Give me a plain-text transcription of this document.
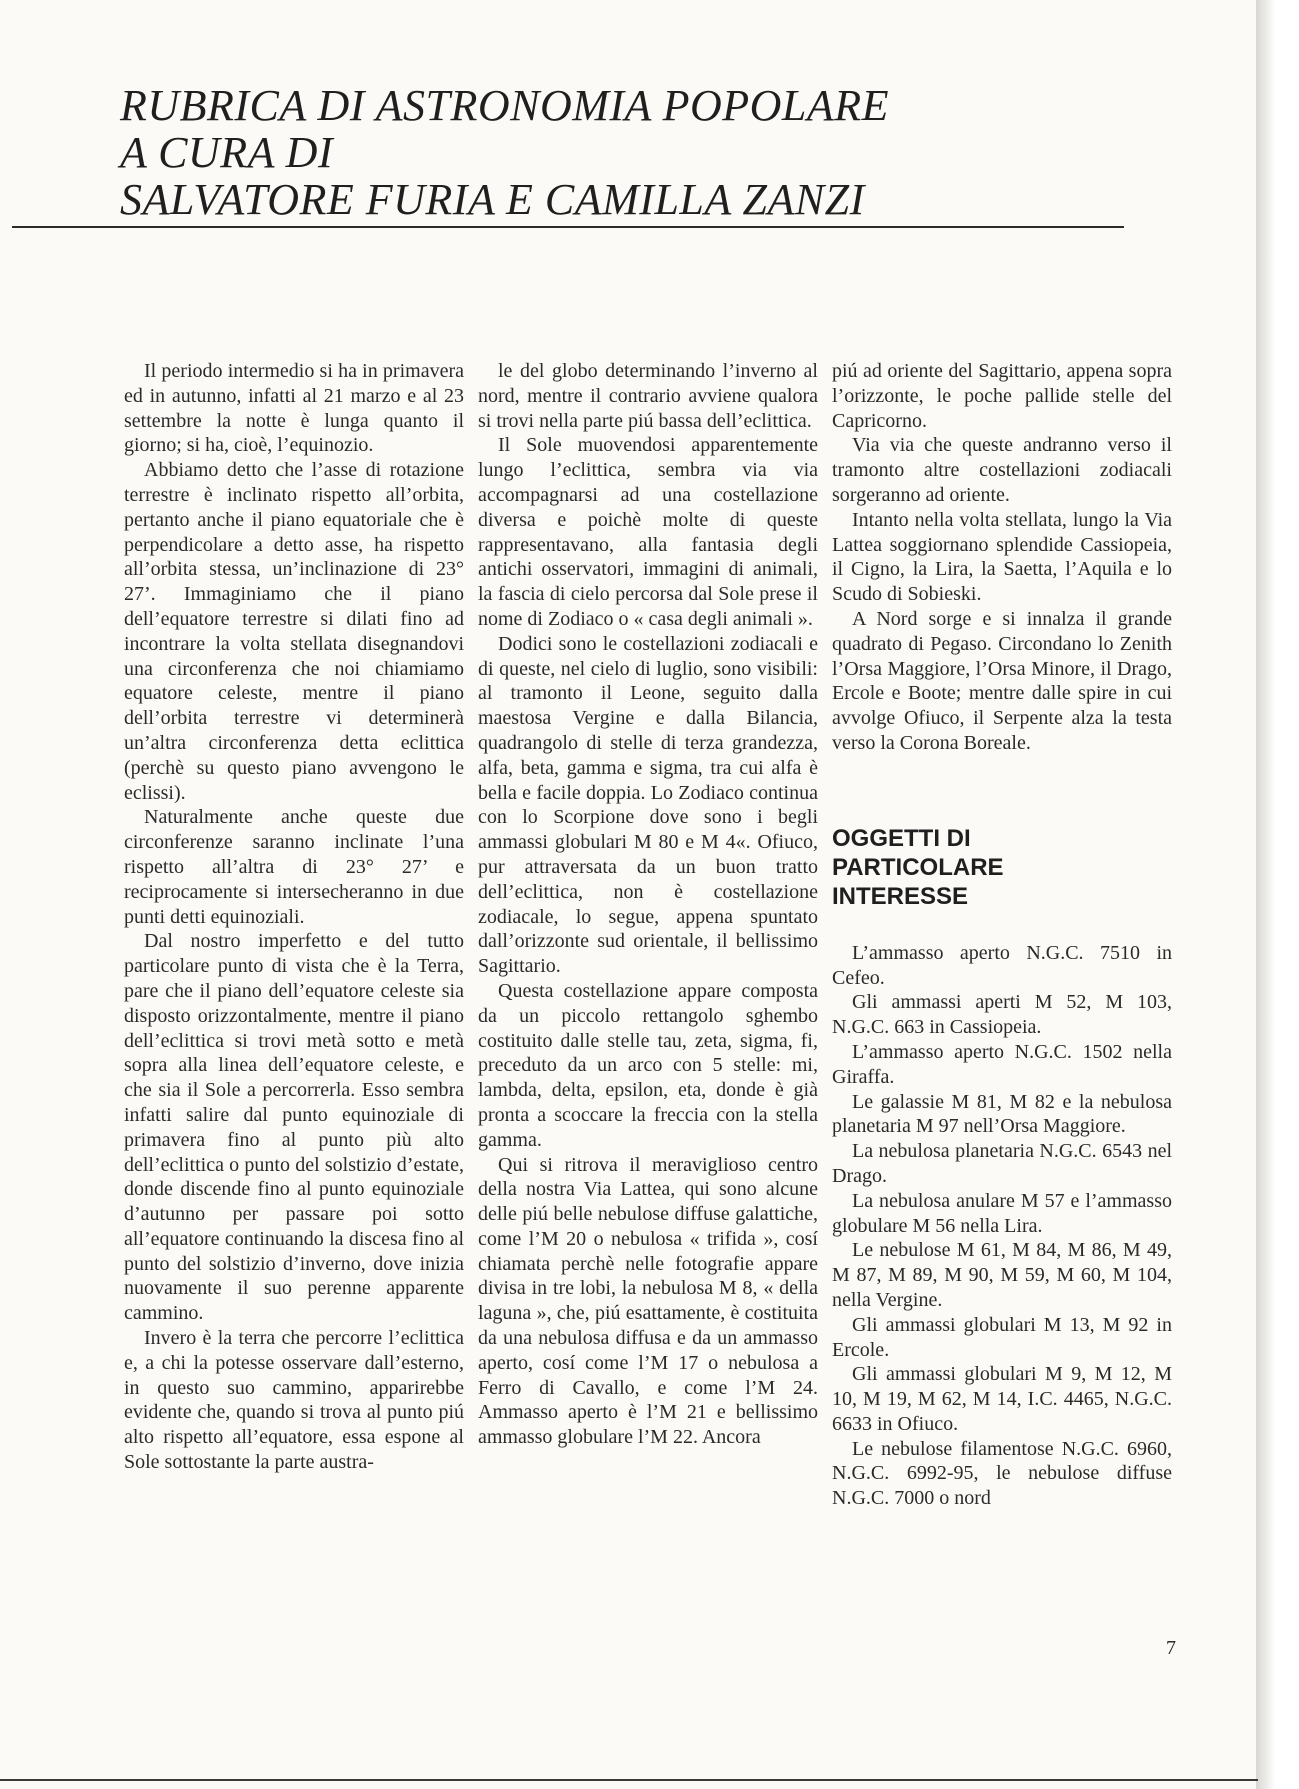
RUBRICA DI ASTRONOMIA POPOLARE
A CURA DI
SALVATORE FURIA E CAMILLA ZANZI

Il periodo intermedio si ha in primavera ed in autunno, infatti al 21 marzo e al 23 settembre la notte è lunga quanto il giorno; si ha, cioè, l’equinozio.

Abbiamo detto che l’asse di rotazione terrestre è inclinato rispetto all’orbita, pertanto anche il piano equatoriale che è perpendicolare a detto asse, ha rispetto all’orbita stessa, un’inclinazione di 23° 27’. Immaginiamo che il piano dell’equatore terrestre si dilati fino ad incontrare la volta stellata disegnandovi una circonferenza che noi chiamiamo equatore celeste, mentre il piano dell’orbita terrestre vi determinerà un’altra circonferenza detta eclittica (perchè su questo piano avvengono le eclissi).

Naturalmente anche queste due circonferenze saranno inclinate l’una rispetto all’altra di 23° 27’ e reciprocamente si intersecheranno in due punti detti equinoziali.

Dal nostro imperfetto e del tutto particolare punto di vista che è la Terra, pare che il piano dell’equatore celeste sia disposto orizzontalmente, mentre il piano dell’eclittica si trovi metà sotto e metà sopra alla linea dell’equatore celeste, e che sia il Sole a percorrerla. Esso sembra infatti salire dal punto equinoziale di primavera fino al punto più alto dell’eclittica o punto del solstizio d’estate, donde discende fino al punto equinoziale d’autunno per passare poi sotto all’equatore continuando la discesa fino al punto del solstizio d’inverno, dove inizia nuovamente il suo perenne apparente cammino.

Invero è la terra che percorre l’eclittica e, a chi la potesse osservare dall’esterno, in questo suo cammino, apparirebbe evidente che, quando si trova al punto piú alto rispetto all’equatore, essa espone al Sole sottostante la parte austra-

le del globo determinando l’inverno al nord, mentre il contrario avviene qualora si trovi nella parte piú bassa dell’eclittica.

Il Sole muovendosi apparentemente lungo l’eclittica, sembra via via accompagnarsi ad una costellazione diversa e poichè molte di queste rappresentavano, alla fantasia degli antichi osservatori, immagini di animali, la fascia di cielo percorsa dal Sole prese il nome di Zodiaco o « casa degli animali ».

Dodici sono le costellazioni zodiacali e di queste, nel cielo di luglio, sono visibili: al tramonto il Leone, seguito dalla maestosa Vergine e dalla Bilancia, quadrangolo di stelle di terza grandezza, alfa, beta, gamma e sigma, tra cui alfa è bella e facile doppia. Lo Zodiaco continua con lo Scorpione dove sono i begli ammassi globulari M 80 e M 4«. Ofiuco, pur attraversata da un buon tratto dell’eclittica, non è costellazione zodiacale, lo segue, appena spuntato dall’orizzonte sud orientale, il bellissimo Sagittario.

Questa costellazione appare composta da un piccolo rettangolo sghembo costituito dalle stelle tau, zeta, sigma, fi, preceduto da un arco con 5 stelle: mi, lambda, delta, epsilon, eta, donde è già pronta a scoccare la freccia con la stella gamma.

Qui si ritrova il meraviglioso centro della nostra Via Lattea, qui sono alcune delle piú belle nebulose diffuse galattiche, come l’M 20 o nebulosa « trifida », cosí chiamata perchè nelle fotografie appare divisa in tre lobi, la nebulosa M 8, « della laguna », che, piú esattamente, è costituita da una nebulosa diffusa e da un ammasso aperto, cosí come l’M 17 o nebulosa a Ferro di Cavallo, e come l’M 24. Ammasso aperto è l’M 21 e bellissimo ammasso globulare l’M 22. Ancora

piú ad oriente del Sagittario, appena sopra l’orizzonte, le poche pallide stelle del Capricorno.

Via via che queste andranno verso il tramonto altre costellazioni zodiacali sorgeranno ad oriente.

Intanto nella volta stellata, lungo la Via Lattea soggiornano splendide Cassiopeia, il Cigno, la Lira, la Saetta, l’Aquila e lo Scudo di Sobieski.

A Nord sorge e si innalza il grande quadrato di Pegaso. Circondano lo Zenith l’Orsa Maggiore, l’Orsa Minore, il Drago, Ercole e Boote; mentre dalle spire in cui avvolge Ofiuco, il Serpente alza la testa verso la Corona Boreale.

OGGETTI DI PARTICOLARE INTERESSE

L’ammasso aperto N.G.C. 7510 in Cefeo.

Gli ammassi aperti M 52, M 103, N.G.C. 663 in Cassiopeia.

L’ammasso aperto N.G.C. 1502 nella Giraffa.

Le galassie M 81, M 82 e la nebulosa planetaria M 97 nell’Orsa Maggiore.

La nebulosa planetaria N.G.C. 6543 nel Drago.

La nebulosa anulare M 57 e l’ammasso globulare M 56 nella Lira.

Le nebulose M 61, M 84, M 86, M 49, M 87, M 89, M 90, M 59, M 60, M 104, nella Vergine.

Gli ammassi globulari M 13, M 92 in Ercole.

Gli ammassi globulari M 9, M 12, M 10, M 19, M 62, M 14, I.C. 4465, N.G.C. 6633 in Ofiuco.

Le nebulose filamentose N.G.C. 6960, N.G.C. 6992-95, le nebulose diffuse N.G.C. 7000 o nord

7
